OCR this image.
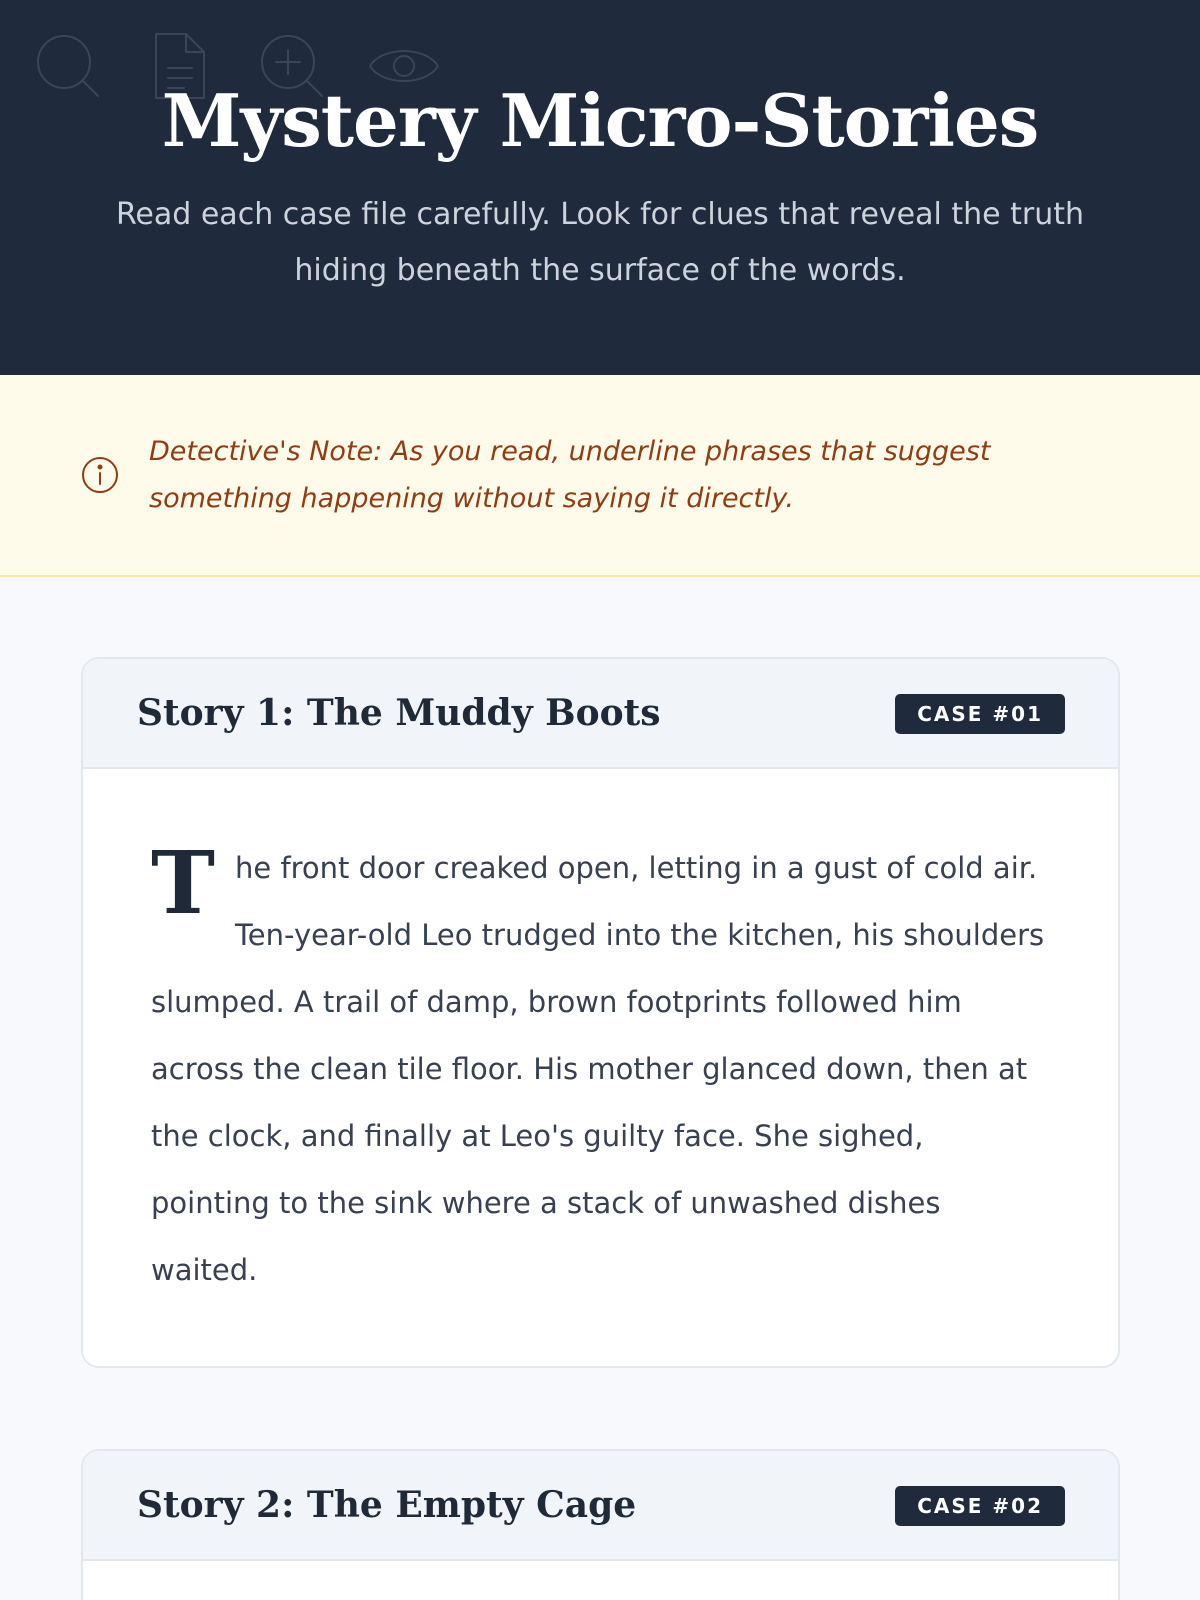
Mystery Micro-Stories

Read each case file carefully. Look for clues that reveal the truth hiding beneath the surface of the words.

Detective's Note: As you read, underline phrases that suggest something happening without saying it directly.

Story 1: The Muddy Boots	CASE #01

The front door creaked open, letting in a gust of cold air. Ten-year-old Leo trudged into the kitchen, his shoulders slumped. A trail of damp, brown footprints followed him across the clean tile floor. His mother glanced down, then at the clock, and finally at Leo's guilty face. She sighed, pointing to the sink where a stack of unwashed dishes waited.

Story 2: The Empty Cage	CASE #02
